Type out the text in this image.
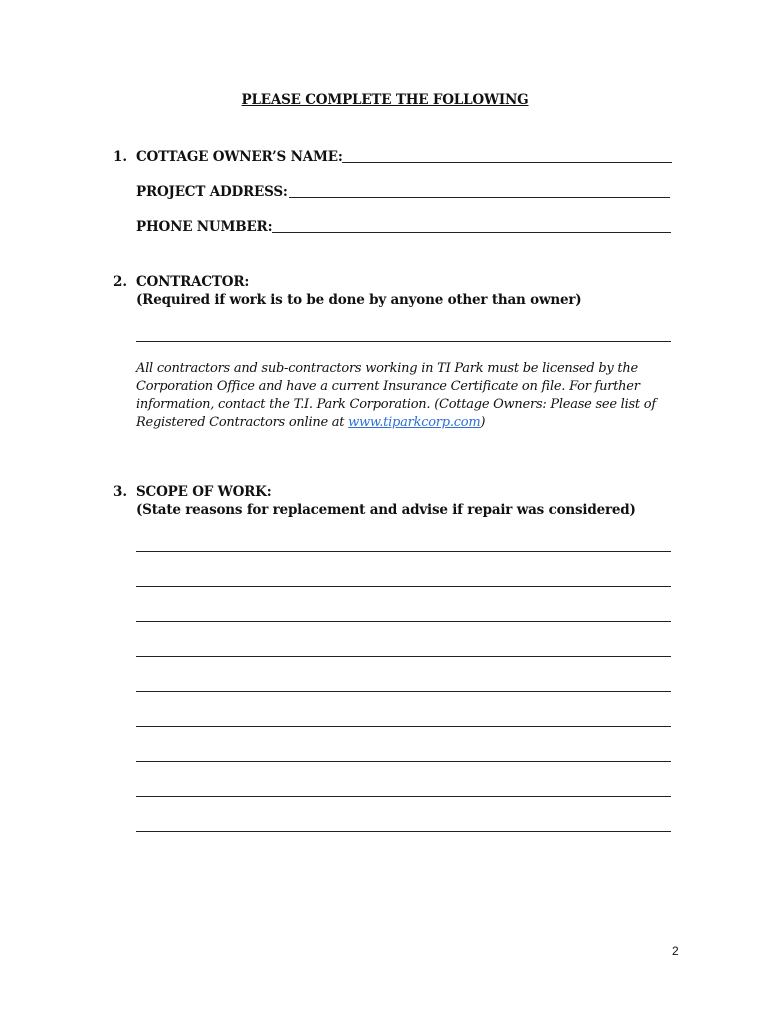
PLEASE COMPLETE THE FOLLOWING
1. COTTAGE OWNER’S NAME:
PROJECT ADDRESS:
PHONE NUMBER:
2. CONTRACTOR:
(Required if work is to be done by anyone other than owner)
All contractors and sub-contractors working in TI Park must be licensed by the Corporation Office and have a current Insurance Certificate on file. For further information, contact the T.I. Park Corporation. (Cottage Owners: Please see list of Registered Contractors online at www.tiparkcorp.com)
3. SCOPE OF WORK:
(State reasons for replacement and advise if repair was considered)
2
